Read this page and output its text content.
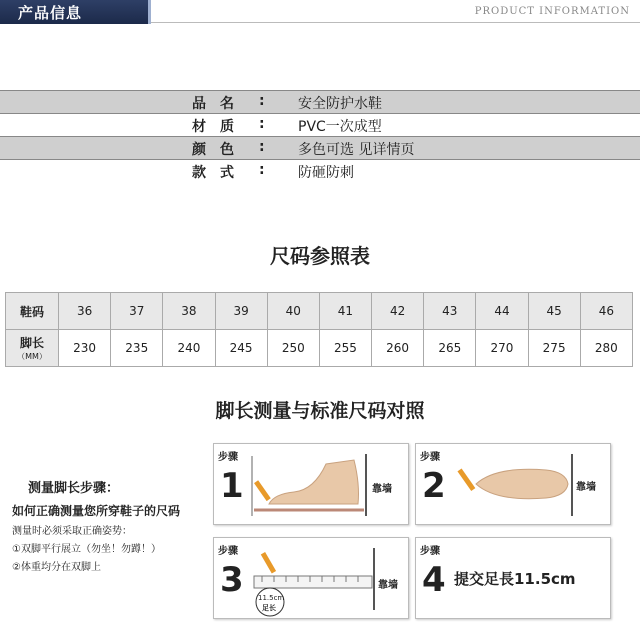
产品信息	PRODUCT INFORMATION
品名 : 安全防护水鞋
材质 : PVC一次成型
颜色 : 多色可选 见详情页
款式 : 防砸防刺
尺码参照表
鞋码	36	37	38	39	40	41	42	43	44	45	46
脚长
（MM）	230	235	240	245	250	255	260	265	270	275	280
脚长测量与标准尺码对照
测量脚长步骤：
如何正确测量您所穿鞋子的尺码
测量时必须采取正确姿势：
①双脚平行展立（勿坐！勿蹲！）
②体重均分在双脚上
步骤
1	靠墙
步骤
2	靠墙
步骤
3	靠墙
11.5cm
足长
步骤
4 提交足長11.5cm
